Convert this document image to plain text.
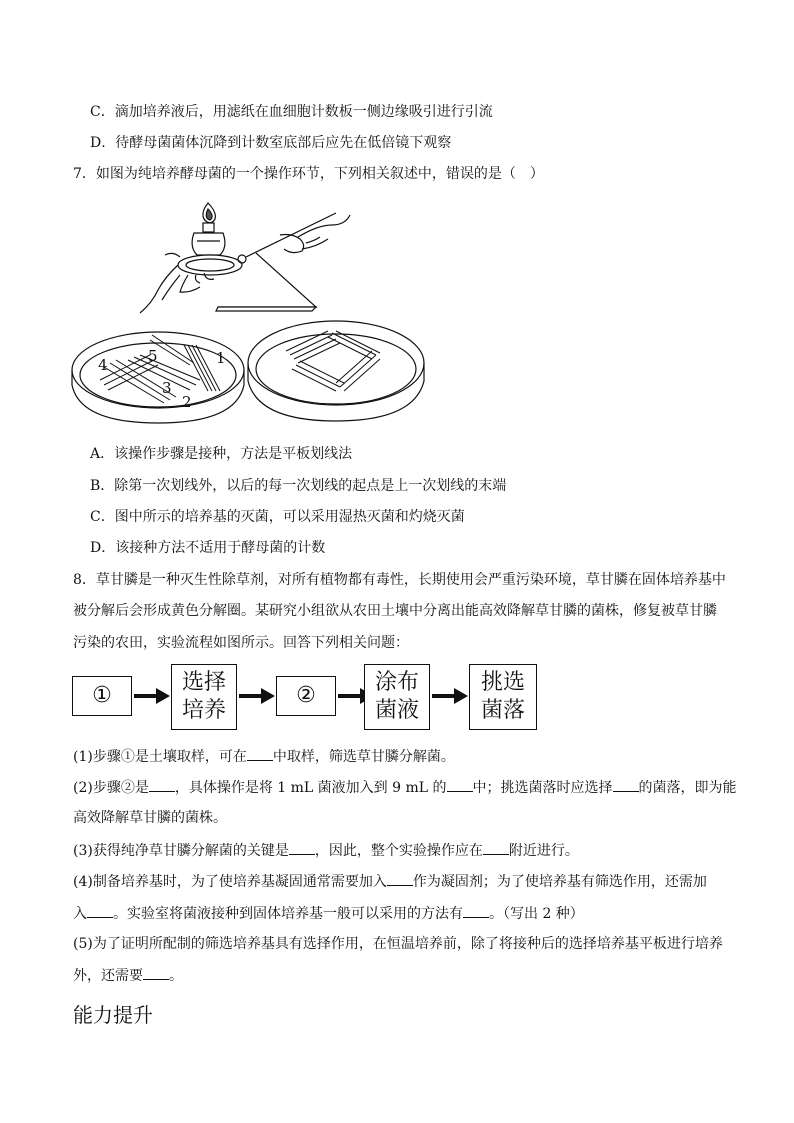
C．滴加培养液后，用滤纸在血细胞计数板一侧边缘吸引进行引流
D．待酵母菌菌体沉降到计数室底部后应先在低倍镜下观察
7．如图为纯培养酵母菌的一个操作环节，下列相关叙述中，错误的是（　）
1
2
3
4	5
A．该操作步骤是接种，方法是平板划线法
B．除第一次划线外，以后的每一次划线的起点是上一次划线的末端
C．图中所示的培养基的灭菌，可以采用湿热灭菌和灼烧灭菌
D．该接种方法不适用于酵母菌的计数
8．草甘膦是一种灭生性除草剂，对所有植物都有毒性，长期使用会严重污染环境，草甘膦在固体培养基中
被分解后会形成黄色分解圈。某研究小组欲从农田土壤中分离出能高效降解草甘膦的菌株，修复被草甘膦
污染的农田，实验流程如图所示。回答下列相关问题：
①
选择
培养
②
涂布
菌液
挑选
菌落
(1)步骤①是土壤取样，可在 中取样，筛选草甘膦分解菌。
(2)步骤②是 ，具体操作是将 1 mL 菌液加入到 9 mL 的 中；挑选菌落时应选择 的菌落，即为能
高效降解草甘膦的菌株。
(3)获得纯净草甘膦分解菌的关键是 ，因此，整个实验操作应在 附近进行。
(4)制备培养基时，为了使培养基凝固通常需要加入 作为凝固剂；为了使培养基有筛选作用，还需加
入 。实验室将菌液接种到固体培养基一般可以采用的方法有 。（写出 2 种）
(5)为了证明所配制的筛选培养基具有选择作用，在恒温培养前，除了将接种后的选择培养基平板进行培养
外，还需要 。
能力提升
